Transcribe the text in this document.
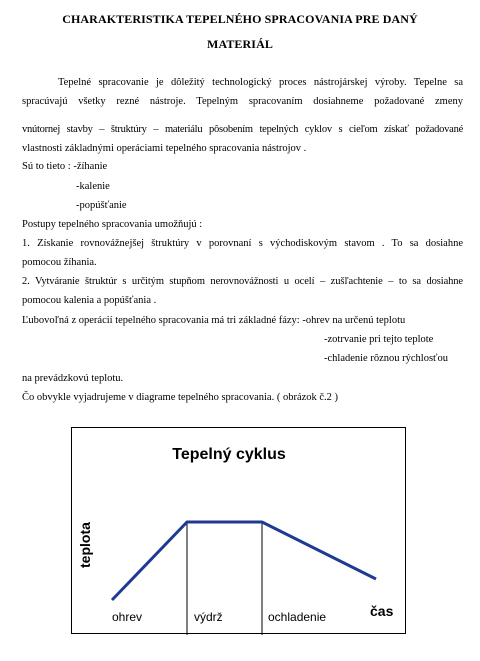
CHARAKTERISTIKA TEPELNÉHO SPRACOVANIA PRE DANÝ
MATERIÁL
Tepelné spracovanie je dôležitý technologický proces nástrojárskej výroby. Tepelne sa
spracúvajú všetky rezné nástroje. Tepelným spracovaním dosiahneme požadované zmeny
vnútornej stavby – štruktúry – materiálu pôsobením tepelných cyklov s cieľom získať požadované
vlastnosti základnými operáciami tepelného spracovania nástrojov .
Sú to tieto : -žíhanie
-kalenie
-popúšťanie
Postupy tepelného spracovania umožňujú :
1. Získanie rovnovážnejšej štruktúry v porovnaní s východiskovým stavom . To sa dosiahne
pomocou žíhania.
2. Vytváranie štruktúr s určitým stupňom nerovnovážnosti u ocelí – zušľachtenie – to sa dosiahne
pomocou kalenia a popúšťania .
Ľubovoľná z operácií tepelného spracovania má tri základné fázy: -ohrev na určenú teplotu
-zotrvanie pri tejto teplote
-chladenie rôznou rýchlosťou
na prevádzkovú teplotu.
Čo obvykle vyjadrujeme v diagrame tepelného spracovania. ( obrázok č.2 )
Tepelný cyklus
teplota
ohrev	výdrž	ochladenie	čas
